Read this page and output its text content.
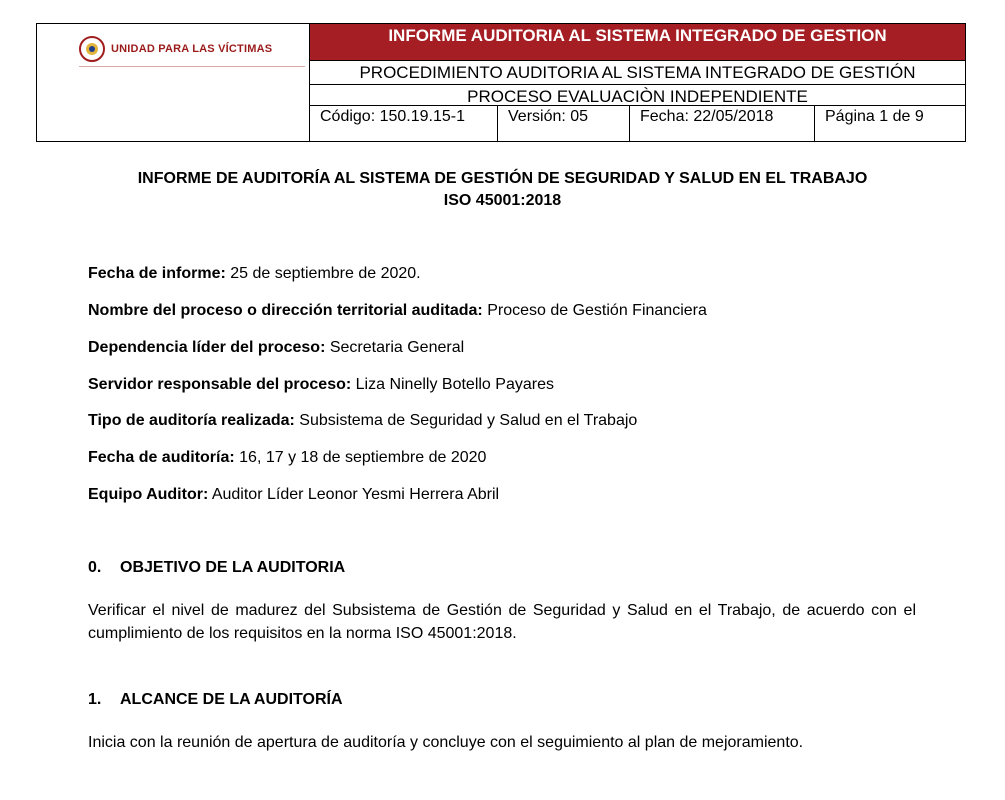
UNIDAD PARA LAS VÍCTIMAS
INFORME AUDITORIA AL SISTEMA INTEGRADO DE GESTION
PROCEDIMIENTO AUDITORIA AL SISTEMA INTEGRADO DE GESTIÓN
PROCESO EVALUACIÒN INDEPENDIENTE
Código: 150.19.15-1	Versión: 05	Fecha: 22/05/2018	Página 1 de 9
INFORME DE AUDITORÍA AL SISTEMA DE GESTIÓN DE SEGURIDAD Y SALUD EN EL TRABAJO
ISO 45001:2018
Fecha de informe: 25 de septiembre de 2020.
Nombre del proceso o dirección territorial auditada: Proceso de Gestión Financiera
Dependencia líder del proceso: Secretaria General
Servidor responsable del proceso: Liza Ninelly Botello Payares
Tipo de auditoría realizada: Subsistema de Seguridad y Salud en el Trabajo
Fecha de auditoría: 16, 17 y 18 de septiembre de 2020
Equipo Auditor: Auditor Líder Leonor Yesmi Herrera Abril
0. OBJETIVO DE LA AUDITORIA
Verificar el nivel de madurez del Subsistema de Gestión de Seguridad y Salud en el Trabajo, de acuerdo con el cumplimiento de los requisitos en la norma ISO 45001:2018.
1. ALCANCE DE LA AUDITORÍA
Inicia con la reunión de apertura de auditoría y concluye con el seguimiento al plan de mejoramiento.
